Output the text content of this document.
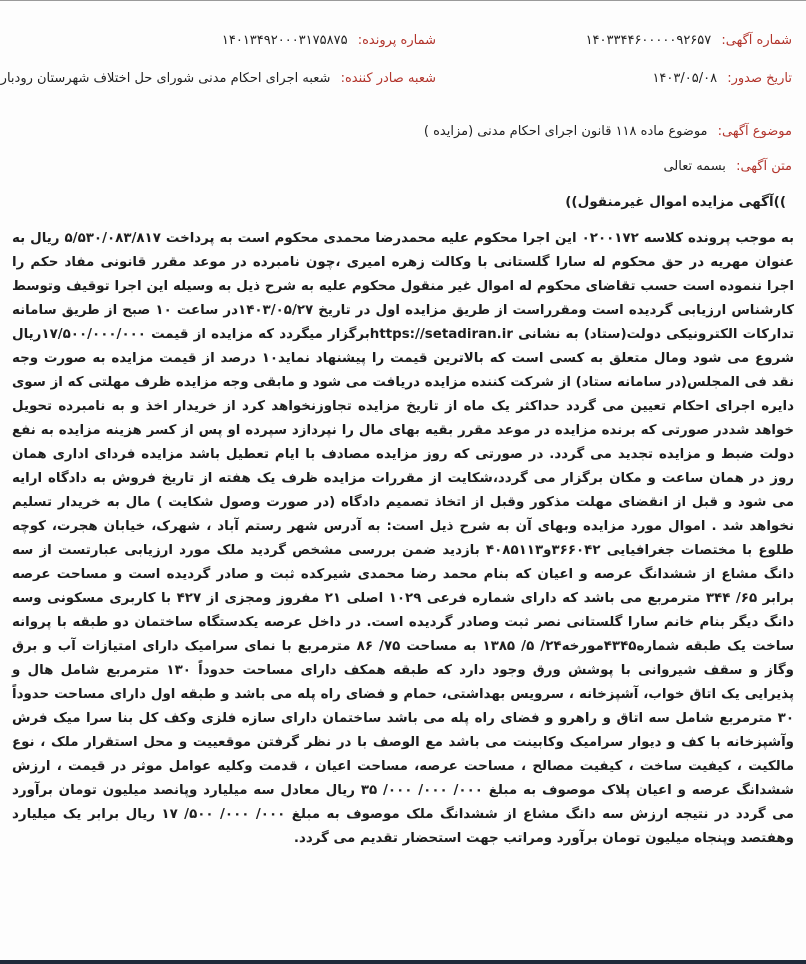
شماره آگهی: ۱۴۰۳۳۴۴۶۰۰۰۰۰۹۲۶۵۷
شماره پرونده: ۱۴۰۱۳۴۹۲۰۰۰۳۱۷۵۸۷۵
تاریخ صدور: ۱۴۰۳/۰۵/۰۸
شعبه صادر کننده: شعبه اجرای احکام مدنی شورای حل اختلاف شهرستان رودبار
موضوع آگهی: موضوع ماده ۱۱۸ قانون اجرای احکام مدنی (مزایده )
متن آگهی: بسمه تعالی
))آگهی مزایده اموال غیرمنقول))

به موجب پرونده کلاسه ۰۲۰۰۱۷۲ این اجرا محکوم علیه محمدرضا محمدی محکوم است به پرداخت ۵/۵۳۰/۰۸۳/۸۱۷ ریال به عنوان مهریه در حق محکوم له سارا گلستانی با وکالت زهره امیری ،چون نامبرده در موعد مقرر قانونی مفاد حکم را اجرا ننموده است حسب تقاضای محکوم له اموال غیر منقول محکوم علیه به شرح ذیل به وسیله این اجرا توقیف وتوسط کارشناس ارزیابی گردیده است ومقرراست از طریق مزایده اول در تاریخ ۱۴۰۳/۰۵/۲۷در ساعت ۱۰ صبح از طریق سامانه تدارکات الکترونیکی دولت(ستاد) به نشانی https://setadiran.irبرگزار میگردد که مزایده از قیمت ۱۷/۵۰۰/۰۰۰/۰۰۰ریال شروع می شود ومال متعلق به کسی است که بالاترین قیمت را پیشنهاد نماید۱۰ درصد از قیمت مزایده به صورت وجه نقد فی المجلس(در سامانه ستاد) از شرکت کننده مزایده دریافت می شود و مابقی وجه مزایده ظرف مهلتی که از سوی دایره اجرای احکام تعیین می گردد حداکثر یک ماه از تاریخ مزایده تجاوزنخواهد کرد از خریدار اخذ و به نامبرده تحویل خواهد شددر صورتی که برنده مزایده در موعد مقرر بقیه بهای مال را نپردازد سپرده او پس از کسر هزینه مزایده به نفع دولت ضبط و مزایده تجدید می گردد. در صورتی که روز مزایده مصادف با ایام تعطیل باشد مزایده فردای اداری همان روز در همان ساعت و مکان برگزار می گردد،شکایت از مقررات مزایده ظرف یک هفته از تاریخ فروش به دادگاه ارایه می شود و قبل از انقضای مهلت مذکور وقبل از اتخاذ تصمیم دادگاه (در صورت وصول شکایت ) مال به خریدار تسلیم نخواهد شد . اموال مورد مزایده وبهای آن به شرح ذیل است: به آدرس شهر رستم آباد ، شهرک، خیابان هجرت، کوچه طلوع با مختصات جغرافیایی ۳۶۶۰۴۲و۴۰۸۵۱۱۳ بازدید ضمن بررسی مشخص گردید ملک مورد ارزیابی عبارتست از سه دانگ مشاع از ششدانگ عرصه و اعیان که بنام محمد رضا محمدی شیرکده ثبت و صادر گردیده است و مساحت عرصه برابر ۶۵/ ۳۴۴ مترمربع می باشد که دارای شماره فرعی ۱۰۲۹ اصلی ۲۱ مفروز ومجزی از ۴۲۷ با کاربری مسکونی وسه دانگ دیگر بنام خانم سارا گلستانی نصر ثبت وصادر گردیده است. در داخل عرصه یکدستگاه ساختمان دو طبقه با پروانه ساخت یک طبقه شماره۴۳۴۵مورخه۲۴/ ۵/ ۱۳۸۵ به مساحت ۷۵/ ۸۶ مترمربع با نمای سرامیک دارای امتیازات آب و برق وگاز و سقف شیروانی با پوشش ورق وجود دارد که طبقه همکف دارای مساحت حدوداً ۱۳۰ مترمربع شامل هال و پذیرایی یک اتاق خواب، آشپزخانه ، سرویس بهداشتی، حمام و فضای راه پله می باشد و طبقه اول دارای مساحت حدوداً ۳۰ مترمربع شامل سه اتاق و راهرو و فضای راه پله می باشد ساختمان دارای سازه فلزی وکف کل بنا سرا میک فرش وآشپزخانه با کف و دیوار سرامیک وکابینت می باشد مع الوصف با در نظر گرفتن موقعییت و محل استقرار ملک ، نوع مالکیت ، کیفیت ساخت ، کیفیت مصالح ، مساحت عرصه، مساحت اعیان ، قدمت وکلیه عوامل موثر در قیمت ، ارزش ششدانگ عرصه و اعیان پلاک موصوف به مبلغ ۰۰۰/ ۰۰۰/ ۰۰۰/ ۳۵ ریال معادل سه میلیارد وپانصد میلیون تومان برآورد می گردد در نتیجه ارزش سه دانگ مشاع از ششدانگ ملک موصوف به مبلغ ۰۰۰/ ۰۰۰/ ۵۰۰/ ۱۷ ریال برابر یک میلیارد وهفتصد وپنجاه میلیون تومان برآورد ومراتب جهت استحضار تقدیم می گردد.
